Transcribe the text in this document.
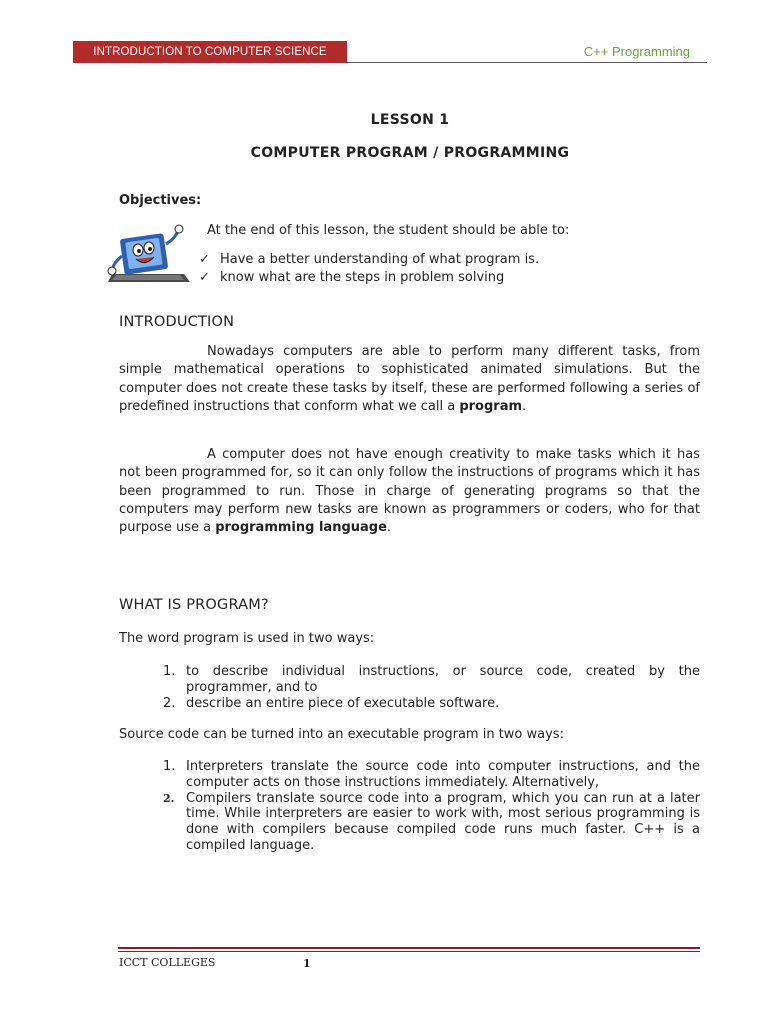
INTRODUCTION TO COMPUTER SCIENCE	C++ Programming
LESSON 1
COMPUTER PROGRAM / PROGRAMMING
Objectives:
At the end of this lesson, the student should be able to:
✓ Have a better understanding of what program is.
✓ know what are the steps in problem solving
INTRODUCTION
Nowadays computers are able to perform many different tasks, from simple mathematical operations to sophisticated animated simulations. But the computer does not create these tasks by itself, these are performed following a series of predefined instructions that conform what we call a program.
A computer does not have enough creativity to make tasks which it has not been programmed for, so it can only follow the instructions of programs which it has been programmed to run. Those in charge of generating programs so that the computers may perform new tasks are known as programmers or coders, who for that purpose use a programming language.
WHAT IS PROGRAM?
The word program is used in two ways:
1. to describe individual instructions, or source code, created by the programmer, and to
2. describe an entire piece of executable software.
Source code can be turned into an executable program in two ways:
1. Interpreters translate the source code into computer instructions, and the computer acts on those instructions immediately. Alternatively,
2. Compilers translate source code into a program, which you can run at a later time. While interpreters are easier to work with, most serious programming is done with compilers because compiled code runs much faster. C++ is a compiled language.
ICCT COLLEGES	1
